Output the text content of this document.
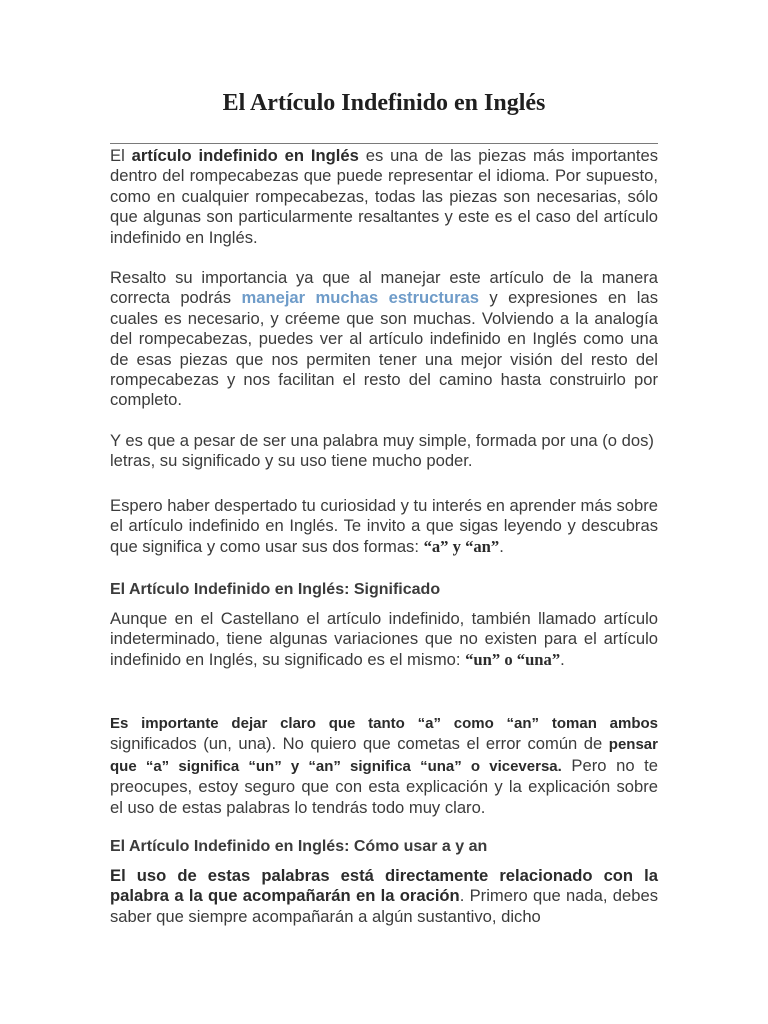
El Artículo Indefinido en Inglés

El artículo indefinido en Inglés es una de las piezas más importantes dentro del rompecabezas que puede representar el idioma. Por supuesto, como en cualquier rompecabezas, todas las piezas son necesarias, sólo que algunas son particularmente resaltantes y este es el caso del artículo indefinido en Inglés.

Resalto su importancia ya que al manejar este artículo de la manera correcta podrás manejar muchas estructuras y expresiones en las cuales es necesario, y créeme que son muchas. Volviendo a la analogía del rompecabezas, puedes ver al artículo indefinido en Inglés como una de esas piezas que nos permiten tener una mejor visión del resto del rompecabezas y nos facilitan el resto del camino hasta construirlo por completo.

Y es que a pesar de ser una palabra muy simple, formada por una (o dos) letras, su significado y su uso tiene mucho poder.

Espero haber despertado tu curiosidad y tu interés en aprender más sobre el artículo indefinido en Inglés. Te invito a que sigas leyendo y descubras que significa y como usar sus dos formas: “a” y “an”.

El Artículo Indefinido en Inglés: Significado

Aunque en el Castellano el artículo indefinido, también llamado artículo indeterminado, tiene algunas variaciones que no existen para el artículo indefinido en Inglés, su significado es el mismo: “un” o “una”.

Es importante dejar claro que tanto “a” como “an” toman ambos significados (un, una). No quiero que cometas el error común de pensar que “a” significa “un” y “an” significa “una” o viceversa. Pero no te preocupes, estoy seguro que con esta explicación y la explicación sobre el uso de estas palabras lo tendrás todo muy claro.

El Artículo Indefinido en Inglés: Cómo usar a y an

El uso de estas palabras está directamente relacionado con la palabra a la que acompañarán en la oración. Primero que nada, debes saber que siempre acompañarán a algún sustantivo, dicho
